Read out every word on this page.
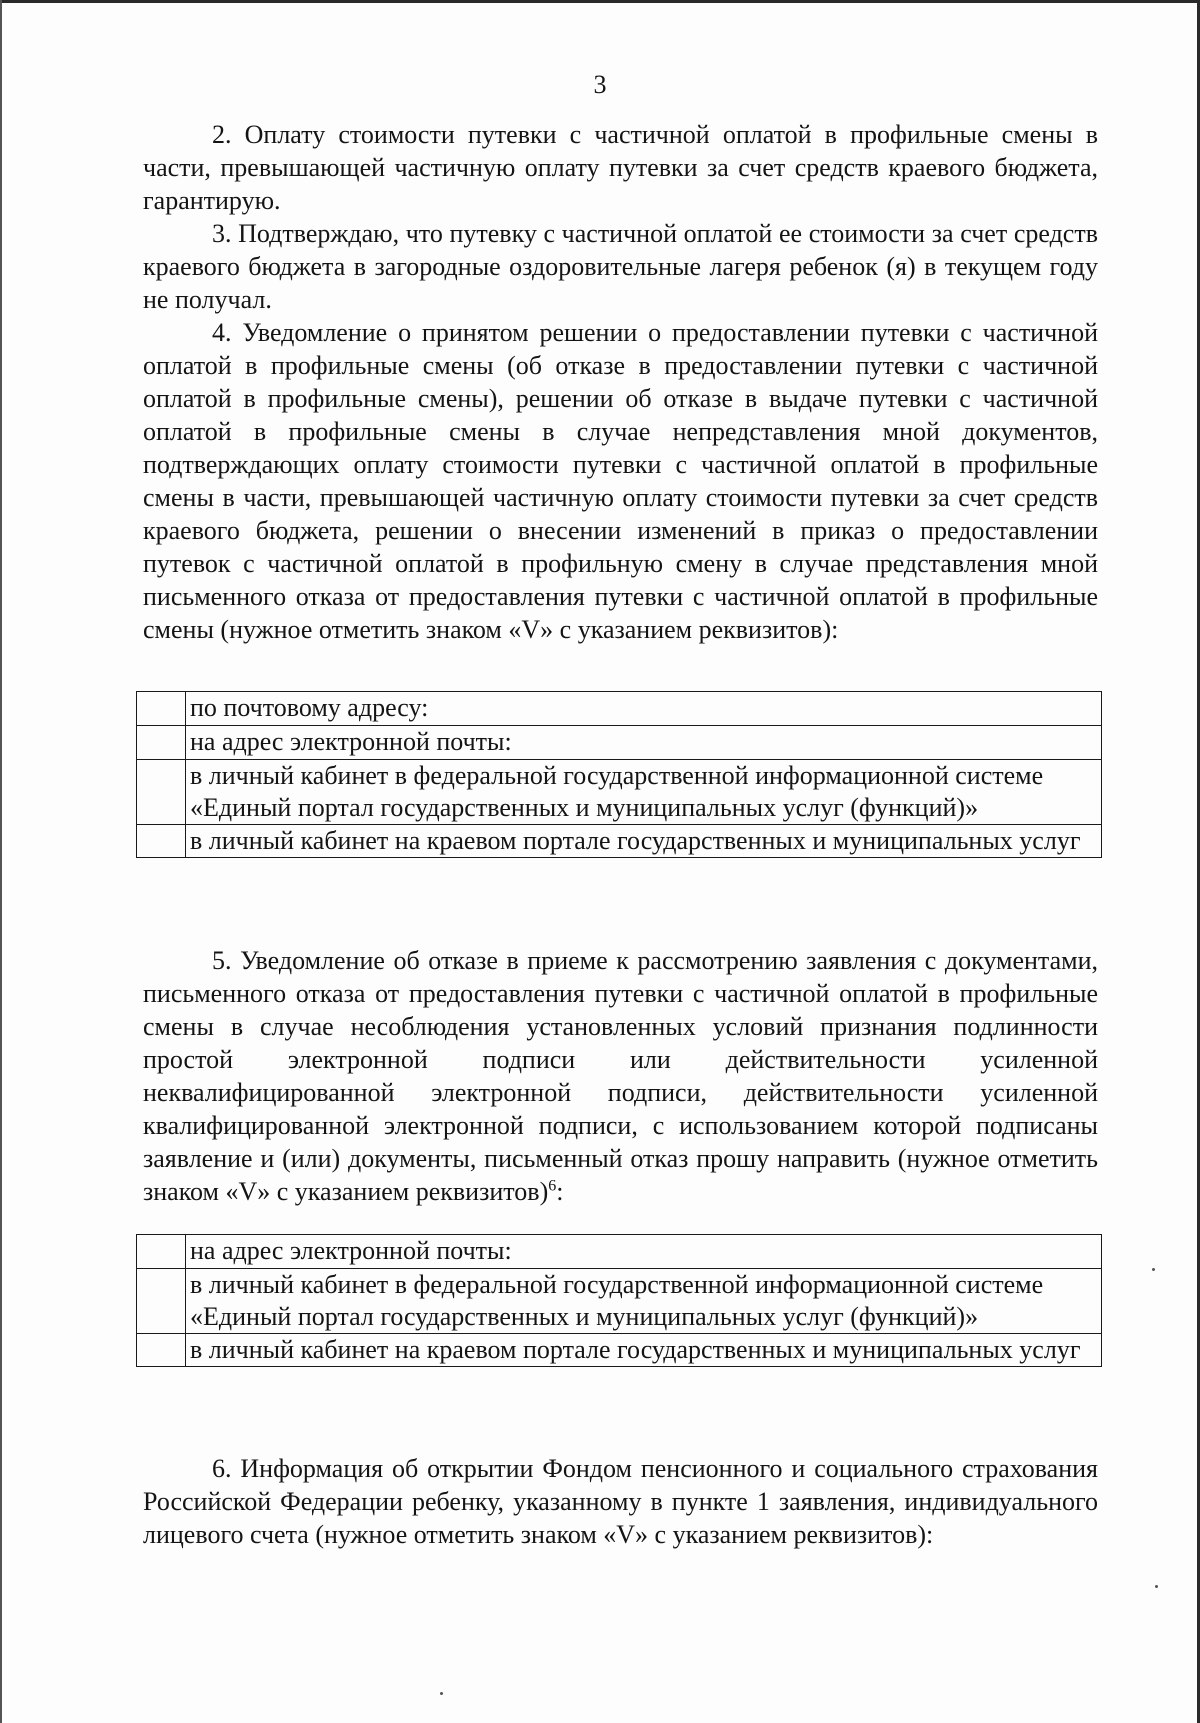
3

2. Оплату стоимости путевки с частичной оплатой в профильные смены в части, превышающей частичную оплату путевки за счет средств краевого бюджета, гарантирую.

3. Подтверждаю, что путевку с частичной оплатой ее стоимости за счет средств краевого бюджета в загородные оздоровительные лагеря ребенок (я) в текущем году не получал.

4. Уведомление о принятом решении о предоставлении путевки с частичной оплатой в профильные смены (об отказе в предоставлении путевки с частичной оплатой в профильные смены), решении об отказе в выдаче путевки с частичной оплатой в профильные смены в случае непредставления мной документов, подтверждающих оплату стоимости путевки с частичной оплатой в профильные смены в части, превышающей частичную оплату стоимости путевки за счет средств краевого бюджета, решении о внесении изменений в приказ о предоставлении путевок с частичной оплатой в профильную смену в случае представления мной письменного отказа от предоставления путевки с частичной оплатой в профильные смены (нужное отметить знаком «V» с указанием реквизитов):

	по почтовому адресу:
	на адрес электронной почты:
	в личный кабинет в федеральной государственной информационной системе «Единый портал государственных и муниципальных услуг (функций)»
	в личный кабинет на краевом портале государственных и муниципальных услуг

5. Уведомление об отказе в приеме к рассмотрению заявления с документами, письменного отказа от предоставления путевки с частичной оплатой в профильные смены в случае несоблюдения установленных условий признания подлинности простой электронной подписи или действительности усиленной неквалифицированной электронной подписи, действительности усиленной квалифицированной электронной подписи, с использованием которой подписаны заявление и (или) документы, письменный отказ прошу направить (нужное отметить знаком «V» с указанием реквизитов)$^6$:

	на адрес электронной почты:
	в личный кабинет в федеральной государственной информационной системе «Единый портал государственных и муниципальных услуг (функций)»
	в личный кабинет на краевом портале государственных и муниципальных услуг

6. Информация об открытии Фондом пенсионного и социального страхования Российской Федерации ребенку, указанному в пункте 1 заявления, индивидуального лицевого счета (нужное отметить знаком «V» с указанием реквизитов):
